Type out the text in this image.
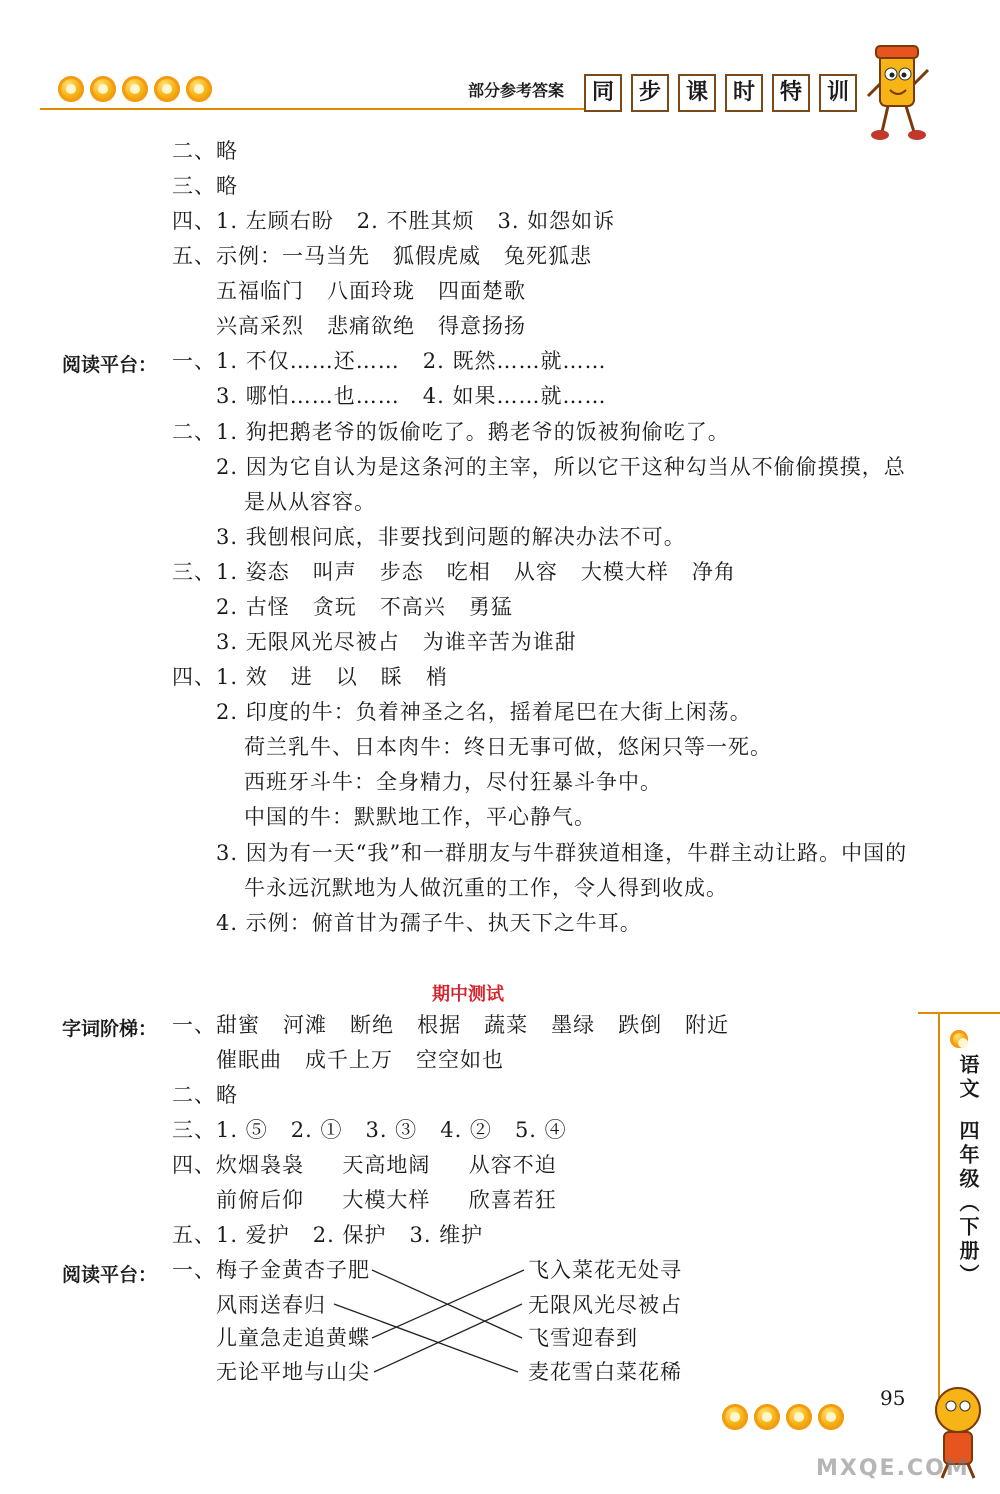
部分参考答案	同	步	课	时	特	训
二、略
三、略
四、1. 左顾右盼   2. 不胜其烦   3. 如怨如诉
五、示例：一马当先   狐假虎威   兔死狐悲
五福临门   八面玲珑   四面楚歌
兴高采烈   悲痛欲绝   得意扬扬
阅读平台： 一、1. 不仅……还……   2. 既然……就……
3. 哪怕……也……   4. 如果……就……
二、1. 狗把鹅老爷的饭偷吃了。鹅老爷的饭被狗偷吃了。
2. 因为它自认为是这条河的主宰，所以它干这种勾当从不偷偷摸摸，总
是从从容容。
3. 我刨根问底，非要找到问题的解决办法不可。
三、1. 姿态   叫声   步态   吃相   从容   大模大样   净角
2. 古怪   贪玩   不高兴   勇猛
3. 无限风光尽被占   为谁辛苦为谁甜
四、1. 效   进   以   睬   梢
2. 印度的牛：负着神圣之名，摇着尾巴在大街上闲荡。
荷兰乳牛、日本肉牛：终日无事可做，悠闲只等一死。
西班牙斗牛：全身精力，尽付狂暴斗争中。
中国的牛：默默地工作，平心静气。
3. 因为有一天“我”和一群朋友与牛群狭道相逢，牛群主动让路。中国的
牛永远沉默地为人做沉重的工作，令人得到收成。
4. 示例：俯首甘为孺子牛、执天下之牛耳。
期中测试
字词阶梯： 一、甜蜜   河滩   断绝   根据   蔬菜   墨绿   跌倒   附近
催眠曲   成千上万   空空如也
二、略
三、1. ⑤   2. ①   3. ③   4. ②   5. ④
四、炊烟袅袅     天高地阔     从容不迫
前俯后仰     大模大样     欣喜若狂
五、1. 爱护   2. 保护   3. 维护
阅读平台： 一、 梅子金黄杏子肥
风雨送春归
儿童急走追黄蝶
无论平地与山尖
飞入菜花无处寻
无限风光尽被占
飞雪迎春到
麦花雪白菜花稀
语文
四年级（下册）
95
MXQE.COM
